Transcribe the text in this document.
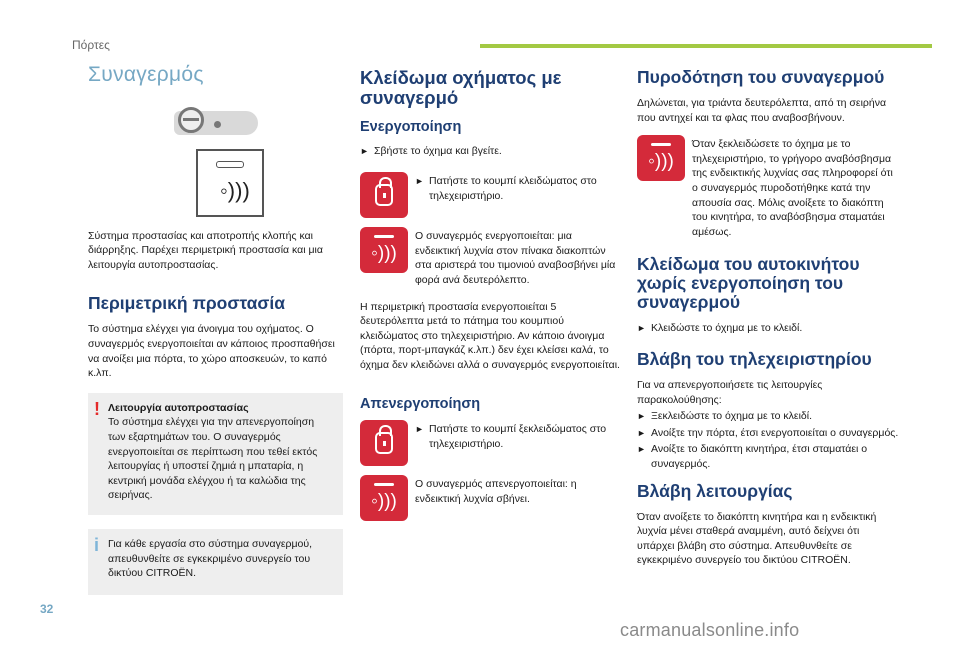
Πόρτες
Συναγερμός
◦)))

Σύστημα προστασίας και αποτροπής κλοπής και διάρρηξης. Παρέχει περιμετρική προστασία και μια λειτουργία αυτοπροστασίας.

Περιμετρική προστασία

Το σύστημα ελέγχει για άνοιγμα του οχήματος. Ο συναγερμός ενεργοποιείται αν κάποιος προσπαθήσει να ανοίξει μια πόρτα, το χώρο αποσκευών, το καπό κ.λπ.

! Λειτουργία αυτοπροστασίας
Το σύστημα ελέγχει για την απενεργοποίηση των εξαρτημάτων του. Ο συναγερμός ενεργοποιείται σε περίπτωση που τεθεί εκτός λειτουργίας ή υποστεί ζημιά η μπαταρία, η κεντρική μονάδα ελέγχου ή τα καλώδια της σειρήνας.
i Για κάθε εργασία στο σύστημα συναγερμού, απευθυνθείτε σε εγκεκριμένο συνεργείο του δικτύου CITROËN.
Κλείδωμα οχήματος με συναγερμό
Ενεργοποίηση
► Σβήστε το όχημα και βγείτε.
► Πατήστε το κουμπί κλειδώματος στο τηλεχειριστήριο.
◦)))
Ο συναγερμός ενεργοποιείται: μια ενδεικτική λυχνία στον πίνακα διακοπτών στα αριστερά του τιμονιού αναβοσβήνει μία φορά ανά δευτερόλεπτο.

Η περιμετρική προστασία ενεργοποιείται 5 δευτερόλεπτα μετά το πάτημα του κουμπιού κλειδώματος στο τηλεχειριστήριο. Αν κάποιο άνοιγμα (πόρτα, πορτ-μπαγκάζ κ.λπ.) δεν έχει κλείσει καλά, το όχημα δεν κλειδώνει αλλά ο συναγερμός ενεργοποιείται.

Απενεργοποίηση
► Πατήστε το κουμπί ξεκλειδώματος στο τηλεχειριστήριο.
◦)))
Ο συναγερμός απενεργοποιείται: η ενδεικτική λυχνία σβήνει.
Πυροδότηση του συναγερμού

Δηλώνεται, για τριάντα δευτερόλεπτα, από τη σειρήνα που αντηχεί και τα φλας που αναβοσβήνουν.

◦)))
Όταν ξεκλειδώσετε το όχημα με το τηλεχειριστήριο, το γρήγορο αναβόσβησμα της ενδεικτικής λυχνίας σας πληροφορεί ότι ο συναγερμός πυροδοτήθηκε κατά την απουσία σας. Μόλις ανοίξετε το διακόπτη του κινητήρα, το αναβόσβησμα σταματάει αμέσως.
Κλείδωμα του αυτοκινήτου χωρίς ενεργοποίηση του συναγερμού
► Κλειδώστε το όχημα με το κλειδί.
Βλάβη του τηλεχειριστηρίου

Για να απενεργοποιήσετε τις λειτουργίες παρακολούθησης:

► Ξεκλειδώστε το όχημα με το κλειδί.
► Ανοίξτε την πόρτα, έτσι ενεργοποιείται ο συναγερμός.
► Ανοίξτε το διακόπτη κινητήρα, έτσι σταματάει ο συναγερμός.
Βλάβη λειτουργίας

Όταν ανοίξετε το διακόπτη κινητήρα και η ενδεικτική λυχνία μένει σταθερά αναμμένη, αυτό δείχνει ότι υπάρχει βλάβη στο σύστημα. Απευθυνθείτε σε εγκεκριμένο συνεργείο του δικτύου CITROËN.

32
carmanualsonline.info
